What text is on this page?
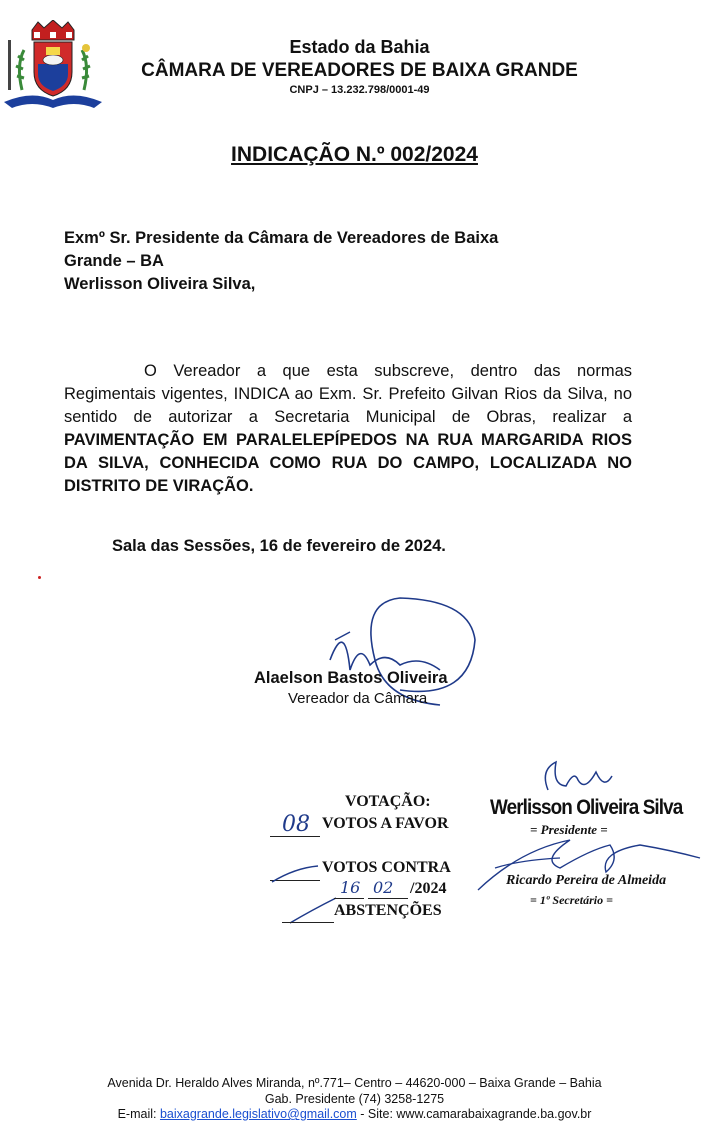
Estado da Bahia
CÂMARA DE VEREADORES DE BAIXA GRANDE
CNPJ – 13.232.798/0001-49
INDICAÇÃO N.º 002/2024
Exmº Sr. Presidente da Câmara de Vereadores de Baixa
Grande – BA
Werlisson Oliveira Silva,
O Vereador a que esta subscreve, dentro das normas Regimentais vigentes, INDICA ao Exm. Sr. Prefeito Gilvan Rios da Silva, no sentido de autorizar a Secretaria Municipal de Obras, realizar a PAVIMENTAÇÃO EM PARALELEPÍPEDOS NA RUA MARGARIDA RIOS DA SILVA, CONHECIDA COMO RUA DO CAMPO, LOCALIZADA NO DISTRITO DE VIRAÇÃO.
Sala das Sessões, 16 de fevereiro de 2024.
Alaelson Bastos Oliveira
Vereador da Câmara
VOTAÇÃO:
08 VOTOS A FAVOR
VOTOS CONTRA
16 02 /2024
ABSTENÇÕES
Werlisson Oliveira Silva
= Presidente =
Ricardo Pereira de Almeida
= 1º Secretário =
Avenida Dr. Heraldo Alves Miranda, nº.771– Centro – 44620-000 – Baixa Grande – Bahia
Gab. Presidente (74) 3258-1275
E-mail: baixagrande.legislativo@gmail.com - Site: www.camarabaixagrande.ba.gov.br
